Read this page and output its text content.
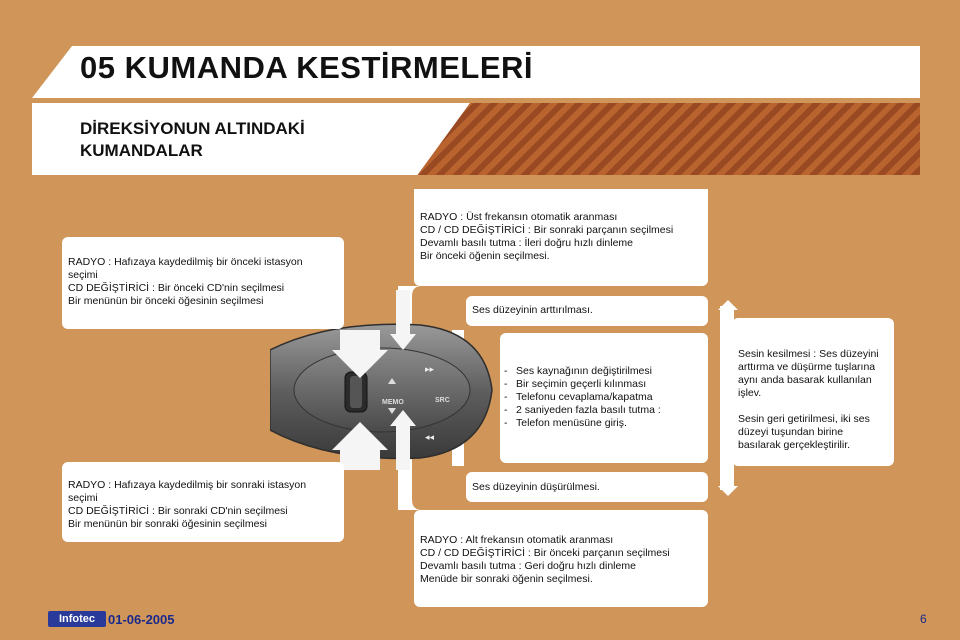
05 KUMANDA KESTİRMELERİ
DİREKSİYONUN ALTINDAKİ
KUMANDALAR
MEMO	SRC
▸▸
◂◂

RADYO : Hafızaya kaydedilmiş bir önceki istasyon

seçimi

CD DEĞİŞTİRİCİ : Bir önceki CD'nin seçilmesi

Bir menünün bir önceki öğesinin seçilmesi

RADYO : Hafızaya kaydedilmiş bir sonraki istasyon

seçimi

CD DEĞİŞTİRİCİ : Bir sonraki CD'nin seçilmesi

Bir menünün bir sonraki öğesinin seçilmesi

RADYO : Üst frekansın otomatik aranması

CD / CD DEĞİŞTİRİCİ : Bir sonraki parçanın seçilmesi

Devamlı basılı tutma : İleri doğru hızlı dinleme

Bir önceki öğenin seçilmesi.

Ses düzeyinin arttırılması.

- Ses kaynağının değiştirilmesi
- Bir seçimin geçerli kılınması
- Telefonu cevaplama/kapatma
- 2 saniyeden fazla basılı tutma :
- Telefon menüsüne giriş.

Ses düzeyinin düşürülmesi.

Sesin kesilmesi : Ses düzeyini

arttırma ve düşürme tuşlarına

aynı anda basarak kullanılan

işlev.

Sesin geri getirilmesi, iki ses

düzeyi tuşundan birine

basılarak gerçekleştirilir.

RADYO : Alt frekansın otomatik aranması

CD / CD DEĞİŞTİRİCİ : Bir önceki parçanın seçilmesi

Devamlı basılı tutma : Geri doğru hızlı dinleme

Menüde bir sonraki öğenin seçilmesi.

Infotec 01-06-2005	6
